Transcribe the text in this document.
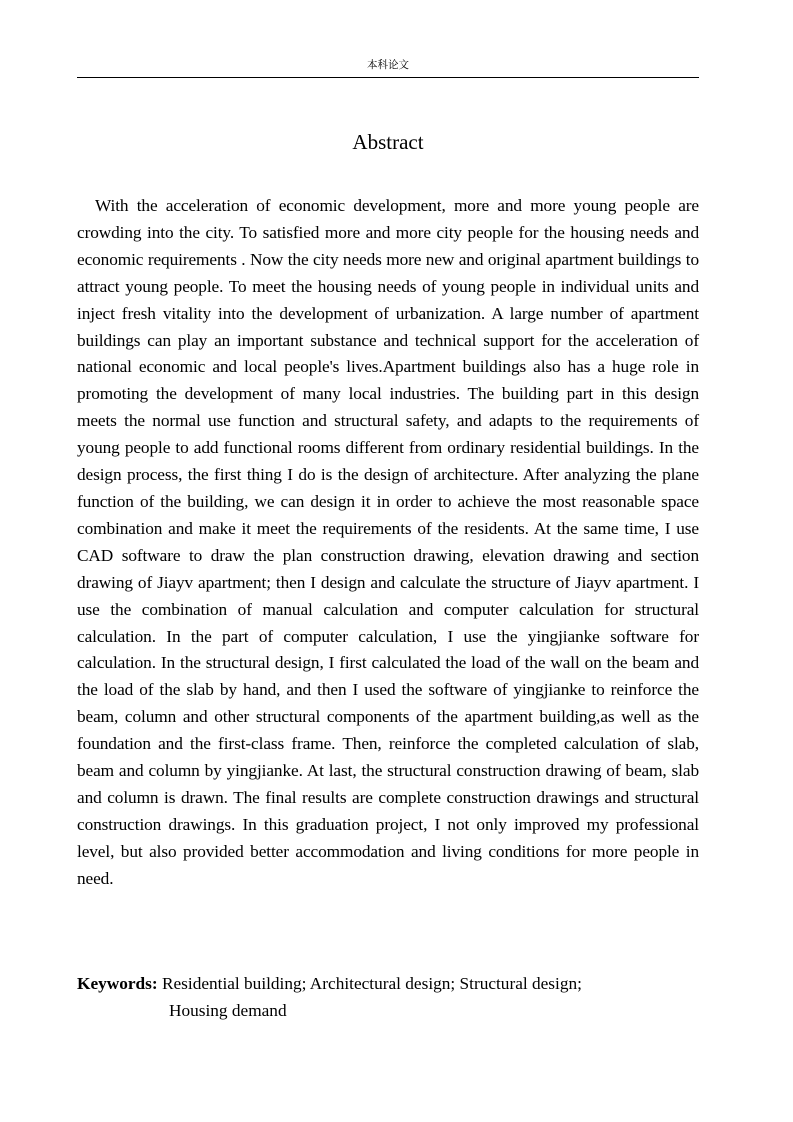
本科论文
Abstract

With the acceleration of economic development, more and more young people are crowding into the city. To satisfied more and more city people for the housing needs and economic requirements . Now the city needs more new and original apartment buildings to attract young people. To meet the housing needs of young people in individual units and inject fresh vitality into the development of urbanization. A large number of apartment buildings can play an important substance and technical support for the acceleration of national economic and local people's lives.Apartment buildings also has a huge role in promoting the development of many local industries. The building part in this design meets the normal use function and structural safety, and adapts to the requirements of young people to add functional rooms different from ordinary residential buildings. In the design process, the first thing I do is the design of architecture. After analyzing the plane function of the building, we can design it in order to achieve the most reasonable space combination and make it meet the requirements of the residents. At the same time, I use CAD software to draw the plan construction drawing, elevation drawing and section drawing of Jiayv apartment; then I design and calculate the structure of Jiayv apartment. I use the combination of manual calculation and computer calculation for structural calculation. In the part of computer calculation, I use the yingjianke software for calculation. In the structural design, I first calculated the load of the wall on the beam and the load of the slab by hand, and then I used the software of yingjianke to reinforce the beam, column and other structural components of the apartment building,as well as the foundation and the first-class frame. Then, reinforce the completed calculation of slab, beam and column by yingjianke. At last, the structural construction drawing of beam, slab and column is drawn. The final results are complete construction drawings and structural construction drawings. In this graduation project, I not only improved my professional level, but also provided better accommodation and living conditions for more people in need.

Keywords: Residential building; Architectural design; Structural design;
Housing demand
